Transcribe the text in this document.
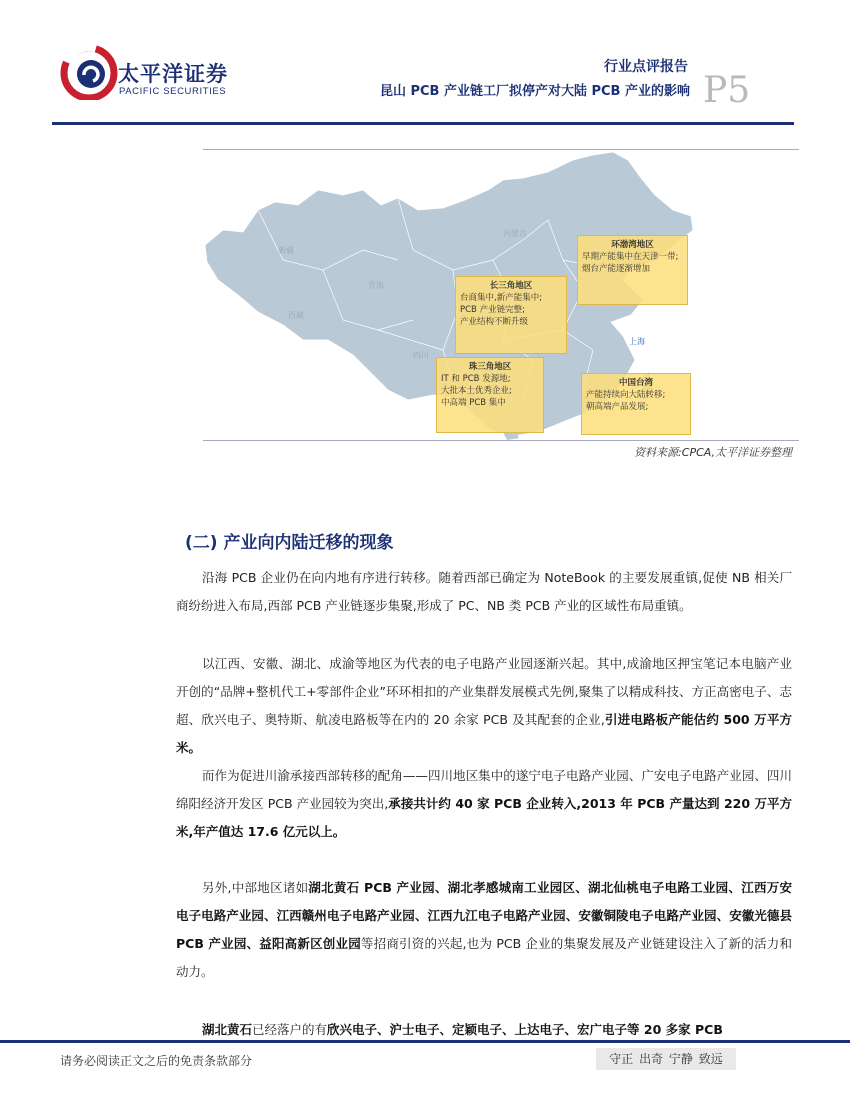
太平洋证券
PACIFIC SECURITIES
行业点评报告
昆山 PCB 产业链工厂拟停产对大陆 PCB 产业的影响 P5
新疆
西藏
青海
内蒙古
四川
上海
环渤湾地区
早期产能集中在天津一带;
烟台产能逐渐增加
长三角地区
台商集中,新产能集中;
PCB 产业链完整;
产业结构不断升级
珠三角地区
IT 和 PCB 发源地;
大批本土优秀企业;
中高端 PCB 集中
中国台湾
产能持续向大陆转移;
朝高端产品发展;
资料来源:CPCA,太平洋证券整理
(二) 产业向内陆迁移的现象
沿海 PCB 企业仍在向内地有序进行转移。随着西部已确定为 NoteBook 的主要发展重镇,促使 NB 相关厂商纷纷进入布局,西部 PCB 产业链逐步集聚,形成了 PC、NB 类 PCB 产业的区域性布局重镇。
以江西、安徽、湖北、成渝等地区为代表的电子电路产业园逐渐兴起。其中,成渝地区押宝笔记本电脑产业开创的“品牌+整机代工+零部件企业”环环相扣的产业集群发展模式先例,聚集了以精成科技、方正高密电子、志超、欣兴电子、奥特斯、航凌电路板等在内的 20 余家 PCB 及其配套的企业,引进电路板产能估约 500 万平方米。
而作为促进川渝承接西部转移的配角——四川地区集中的遂宁电子电路产业园、广安电子电路产业园、四川绵阳经济开发区 PCB 产业园较为突出,承接共计约 40 家 PCB 企业转入,2013 年 PCB 产量达到 220 万平方米,年产值达 17.6 亿元以上。
另外,中部地区诸如湖北黄石 PCB 产业园、湖北孝感城南工业园区、湖北仙桃电子电路工业园、江西万安电子电路产业园、江西赣州电子电路产业园、江西九江电子电路产业园、安徽铜陵电子电路产业园、安徽光德县 PCB 产业园、益阳高新区创业园等招商引资的兴起,也为 PCB 企业的集聚发展及产业链建设注入了新的活力和动力。
湖北黄石已经落户的有欣兴电子、沪士电子、定颖电子、上达电子、宏广电子等 20 多家 PCB
请务必阅读正文之后的免责条款部分	守正 出奇 宁静 致远
